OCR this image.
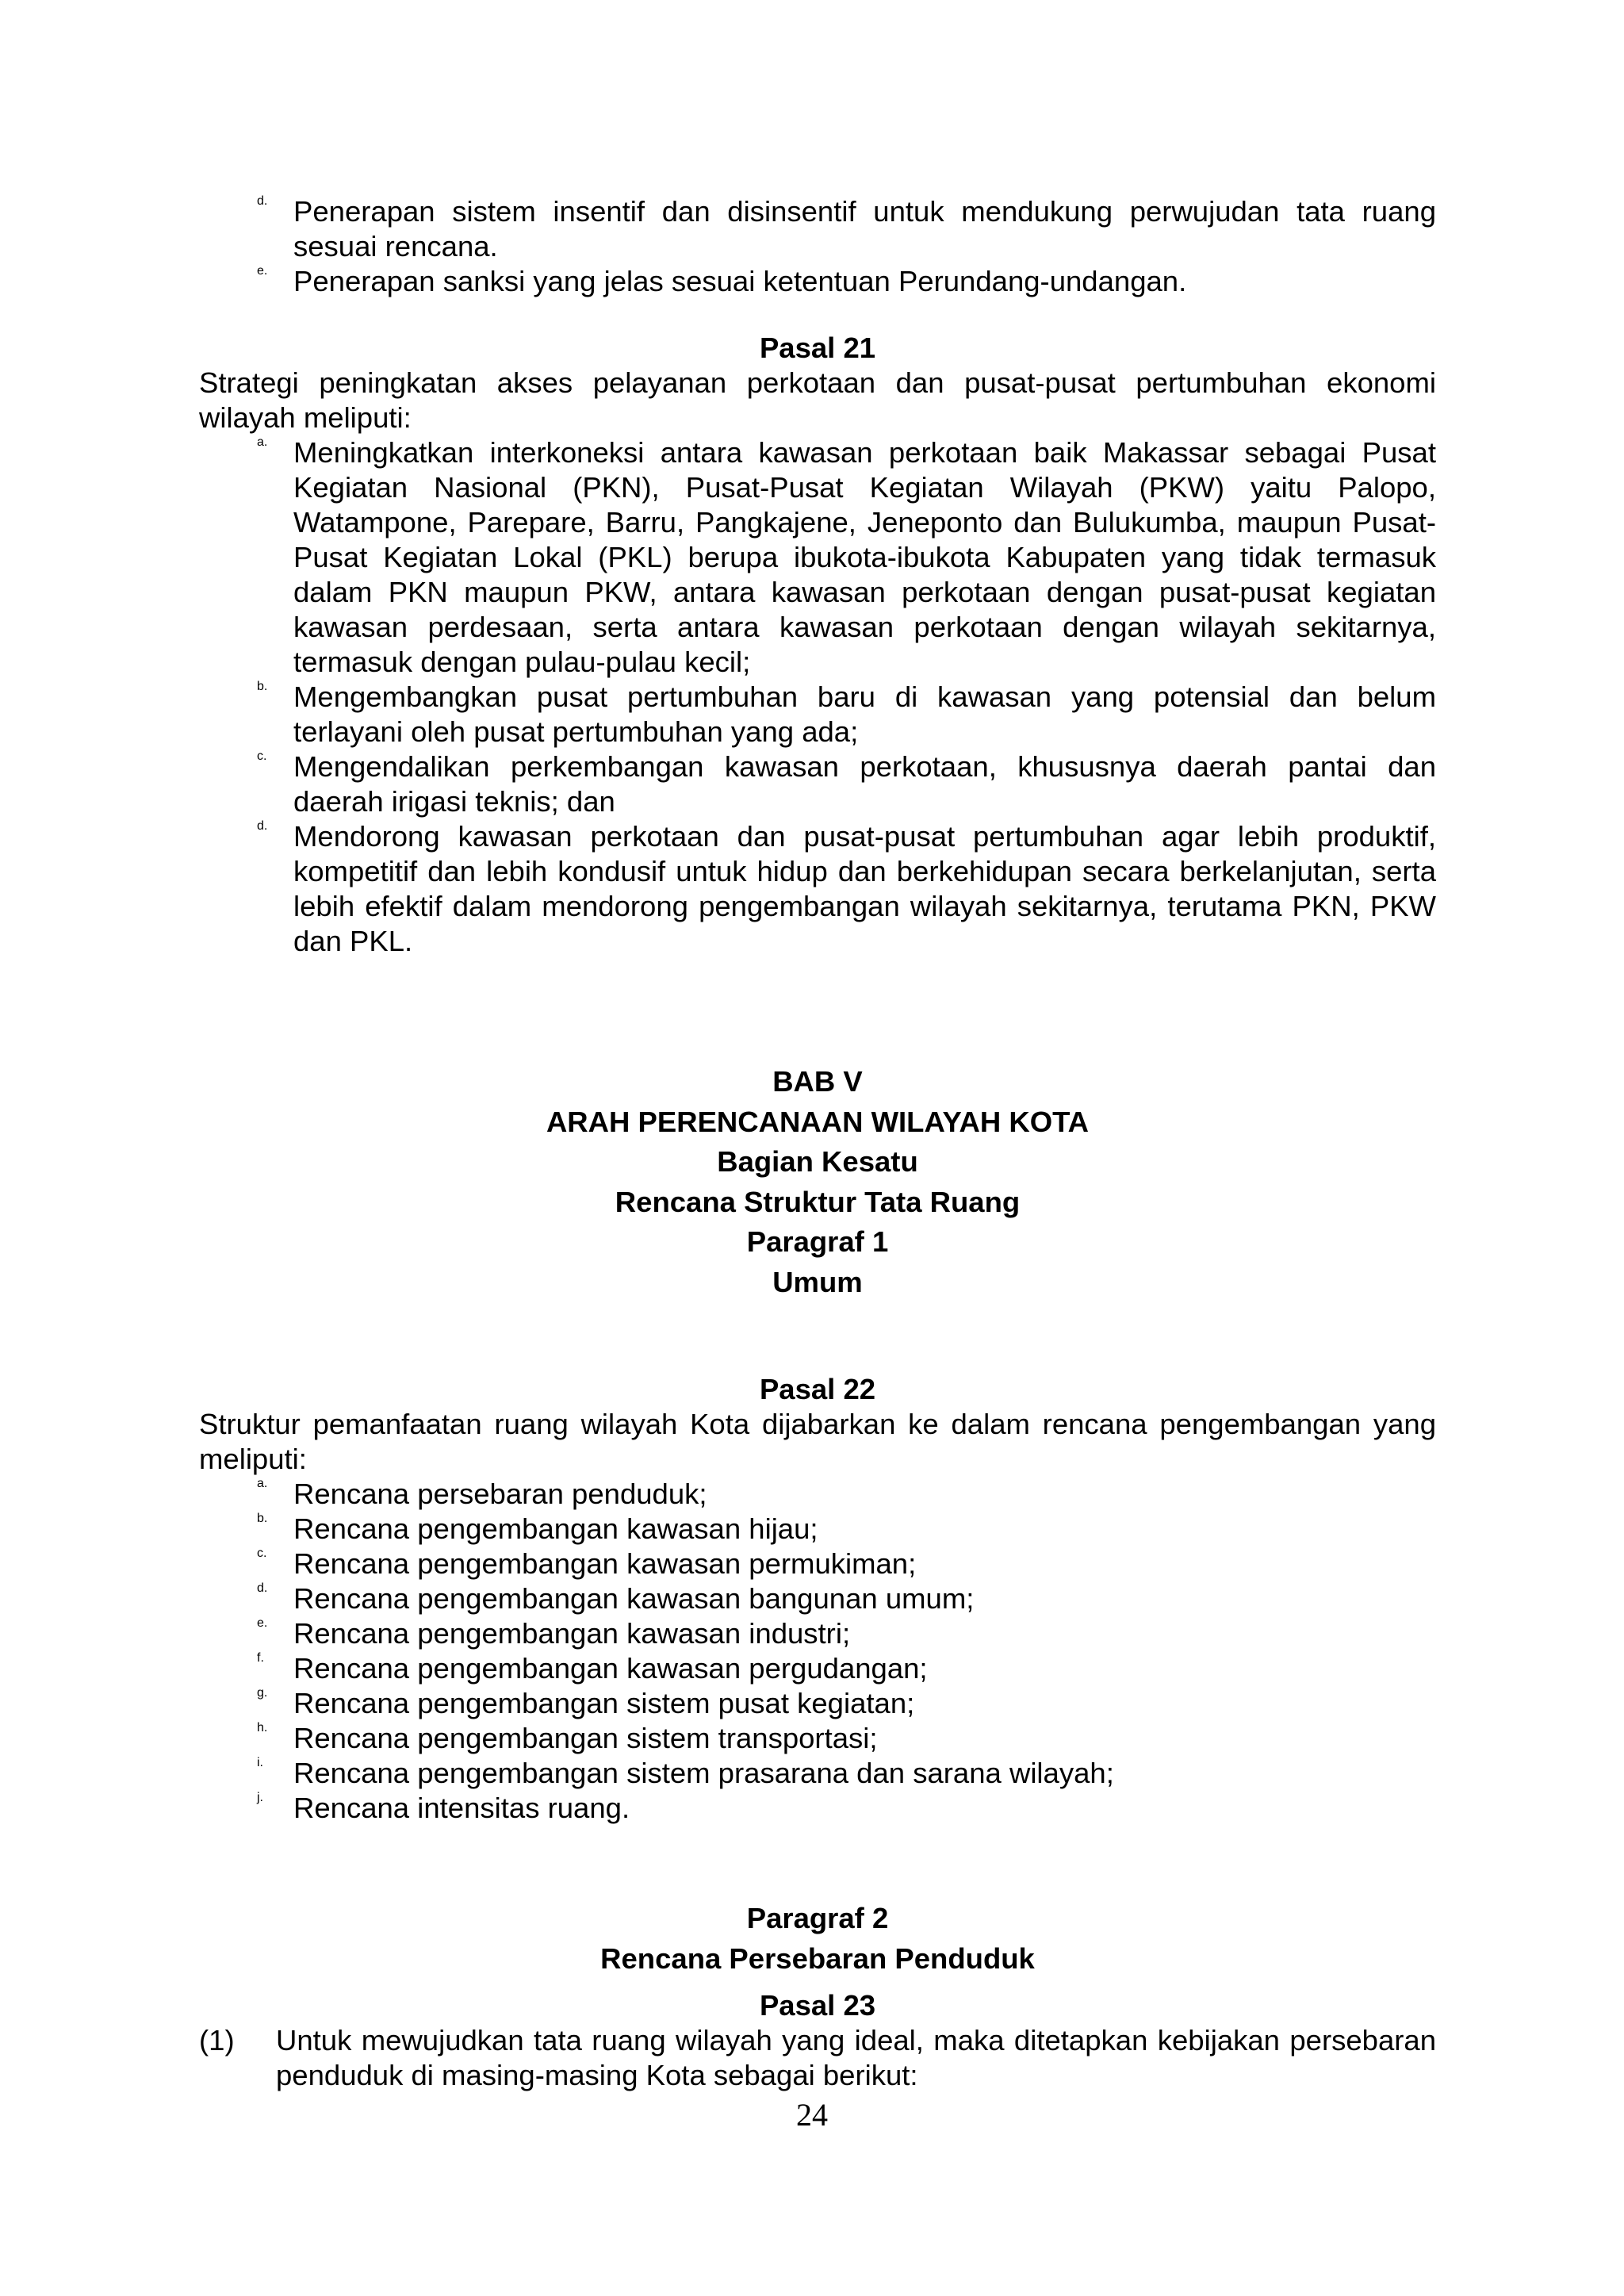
d. Penerapan sistem insentif dan disinsentif untuk mendukung perwujudan tata ruang sesuai rencana.
e. Penerapan sanksi yang jelas sesuai ketentuan Perundang-undangan.

Pasal 21

Strategi peningkatan akses pelayanan perkotaan dan pusat-pusat pertumbuhan ekonomi wilayah meliputi:

a. Meningkatkan interkoneksi antara kawasan perkotaan baik Makassar sebagai Pusat Kegiatan Nasional (PKN), Pusat-Pusat Kegiatan Wilayah (PKW) yaitu Palopo, Watampone, Parepare, Barru, Pangkajene, Jeneponto dan Bulukumba, maupun Pusat-Pusat Kegiatan Lokal (PKL) berupa ibukota-ibukota Kabupaten yang tidak termasuk dalam PKN maupun PKW, antara kawasan perkotaan dengan pusat-pusat kegiatan kawasan perdesaan, serta antara kawasan perkotaan dengan wilayah sekitarnya, termasuk dengan pulau-pulau kecil;
b. Mengembangkan pusat pertumbuhan baru di kawasan yang potensial dan belum terlayani oleh pusat pertumbuhan yang ada;
c. Mengendalikan perkembangan kawasan perkotaan, khususnya daerah pantai dan daerah irigasi teknis; dan
d. Mendorong kawasan perkotaan dan pusat-pusat pertumbuhan agar lebih produktif, kompetitif dan lebih kondusif untuk hidup dan berkehidupan secara berkelanjutan, serta lebih efektif dalam mendorong pengembangan wilayah sekitarnya, terutama PKN, PKW dan PKL.

BAB V

ARAH PERENCANAAN WILAYAH KOTA

Bagian Kesatu

Rencana Struktur Tata Ruang

Paragraf 1

Umum

Pasal 22

Struktur pemanfaatan ruang wilayah Kota dijabarkan ke dalam rencana pengembangan yang meliputi:

a. Rencana persebaran penduduk;
b. Rencana pengembangan kawasan hijau;
c. Rencana pengembangan kawasan permukiman;
d. Rencana pengembangan kawasan bangunan umum;
e. Rencana pengembangan kawasan industri;
f.	Rencana pengembangan kawasan pergudangan;
g. Rencana pengembangan sistem pusat kegiatan;
h. Rencana pengembangan sistem transportasi;
i.	Rencana pengembangan sistem prasarana dan sarana wilayah;
j.	Rencana intensitas ruang.

Paragraf 2

Rencana Persebaran Penduduk

Pasal 23

(1)	Untuk mewujudkan tata ruang wilayah yang ideal, maka ditetapkan kebijakan persebaran penduduk di masing-masing Kota sebagai berikut:
24
